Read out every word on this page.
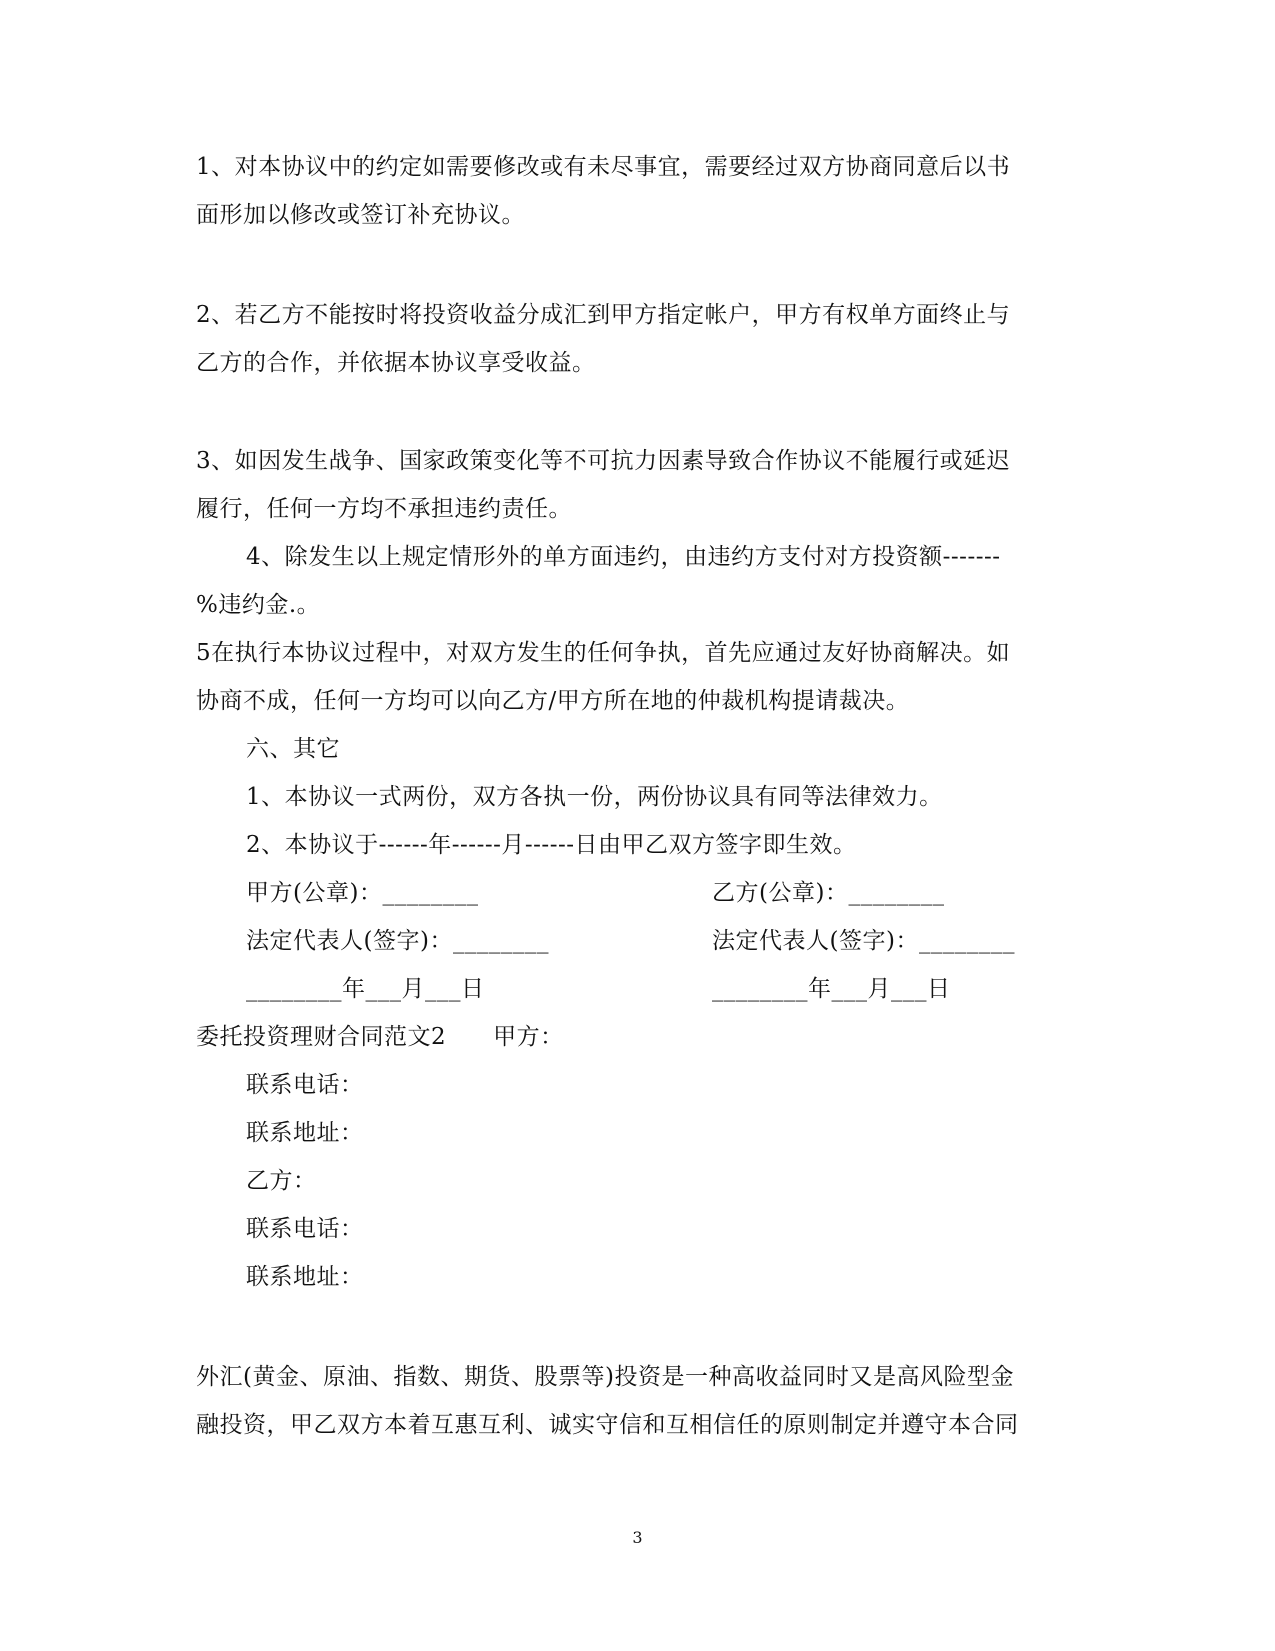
1、对本协议中的约定如需要修改或有未尽事宜，需要经过双方协商同意后以书
面形加以修改或签订补充协议。
2、若乙方不能按时将投资收益分成汇到甲方指定帐户，甲方有权单方面终止与
乙方的合作，并依据本协议享受收益。
3、如因发生战争、国家政策变化等不可抗力因素导致合作协议不能履行或延迟
履行，任何一方均不承担违约责任。
4、除发生以上规定情形外的单方面违约，由违约方支付对方投资额-------
%违约金.。
5在执行本协议过程中，对双方发生的任何争执，首先应通过友好协商解决。如
协商不成，任何一方均可以向乙方/甲方所在地的仲裁机构提请裁决。
六、其它
1、本协议一式两份，双方各执一份，两份协议具有同等法律效力。
2、本协议于------年------月------日由甲乙双方签字即生效。
甲方(公章)：________	乙方(公章)：________
法定代表人(签字)：________	法定代表人(签字)：________
________年___月___日	________年___月___日
委托投资理财合同范文2　　甲方：
联系电话：
联系地址：
乙方：
联系电话：
联系地址：
外汇(黄金、原油、指数、期货、股票等)投资是一种高收益同时又是高风险型金
融投资，甲乙双方本着互惠互利、诚实守信和互相信任的原则制定并遵守本合同
3
